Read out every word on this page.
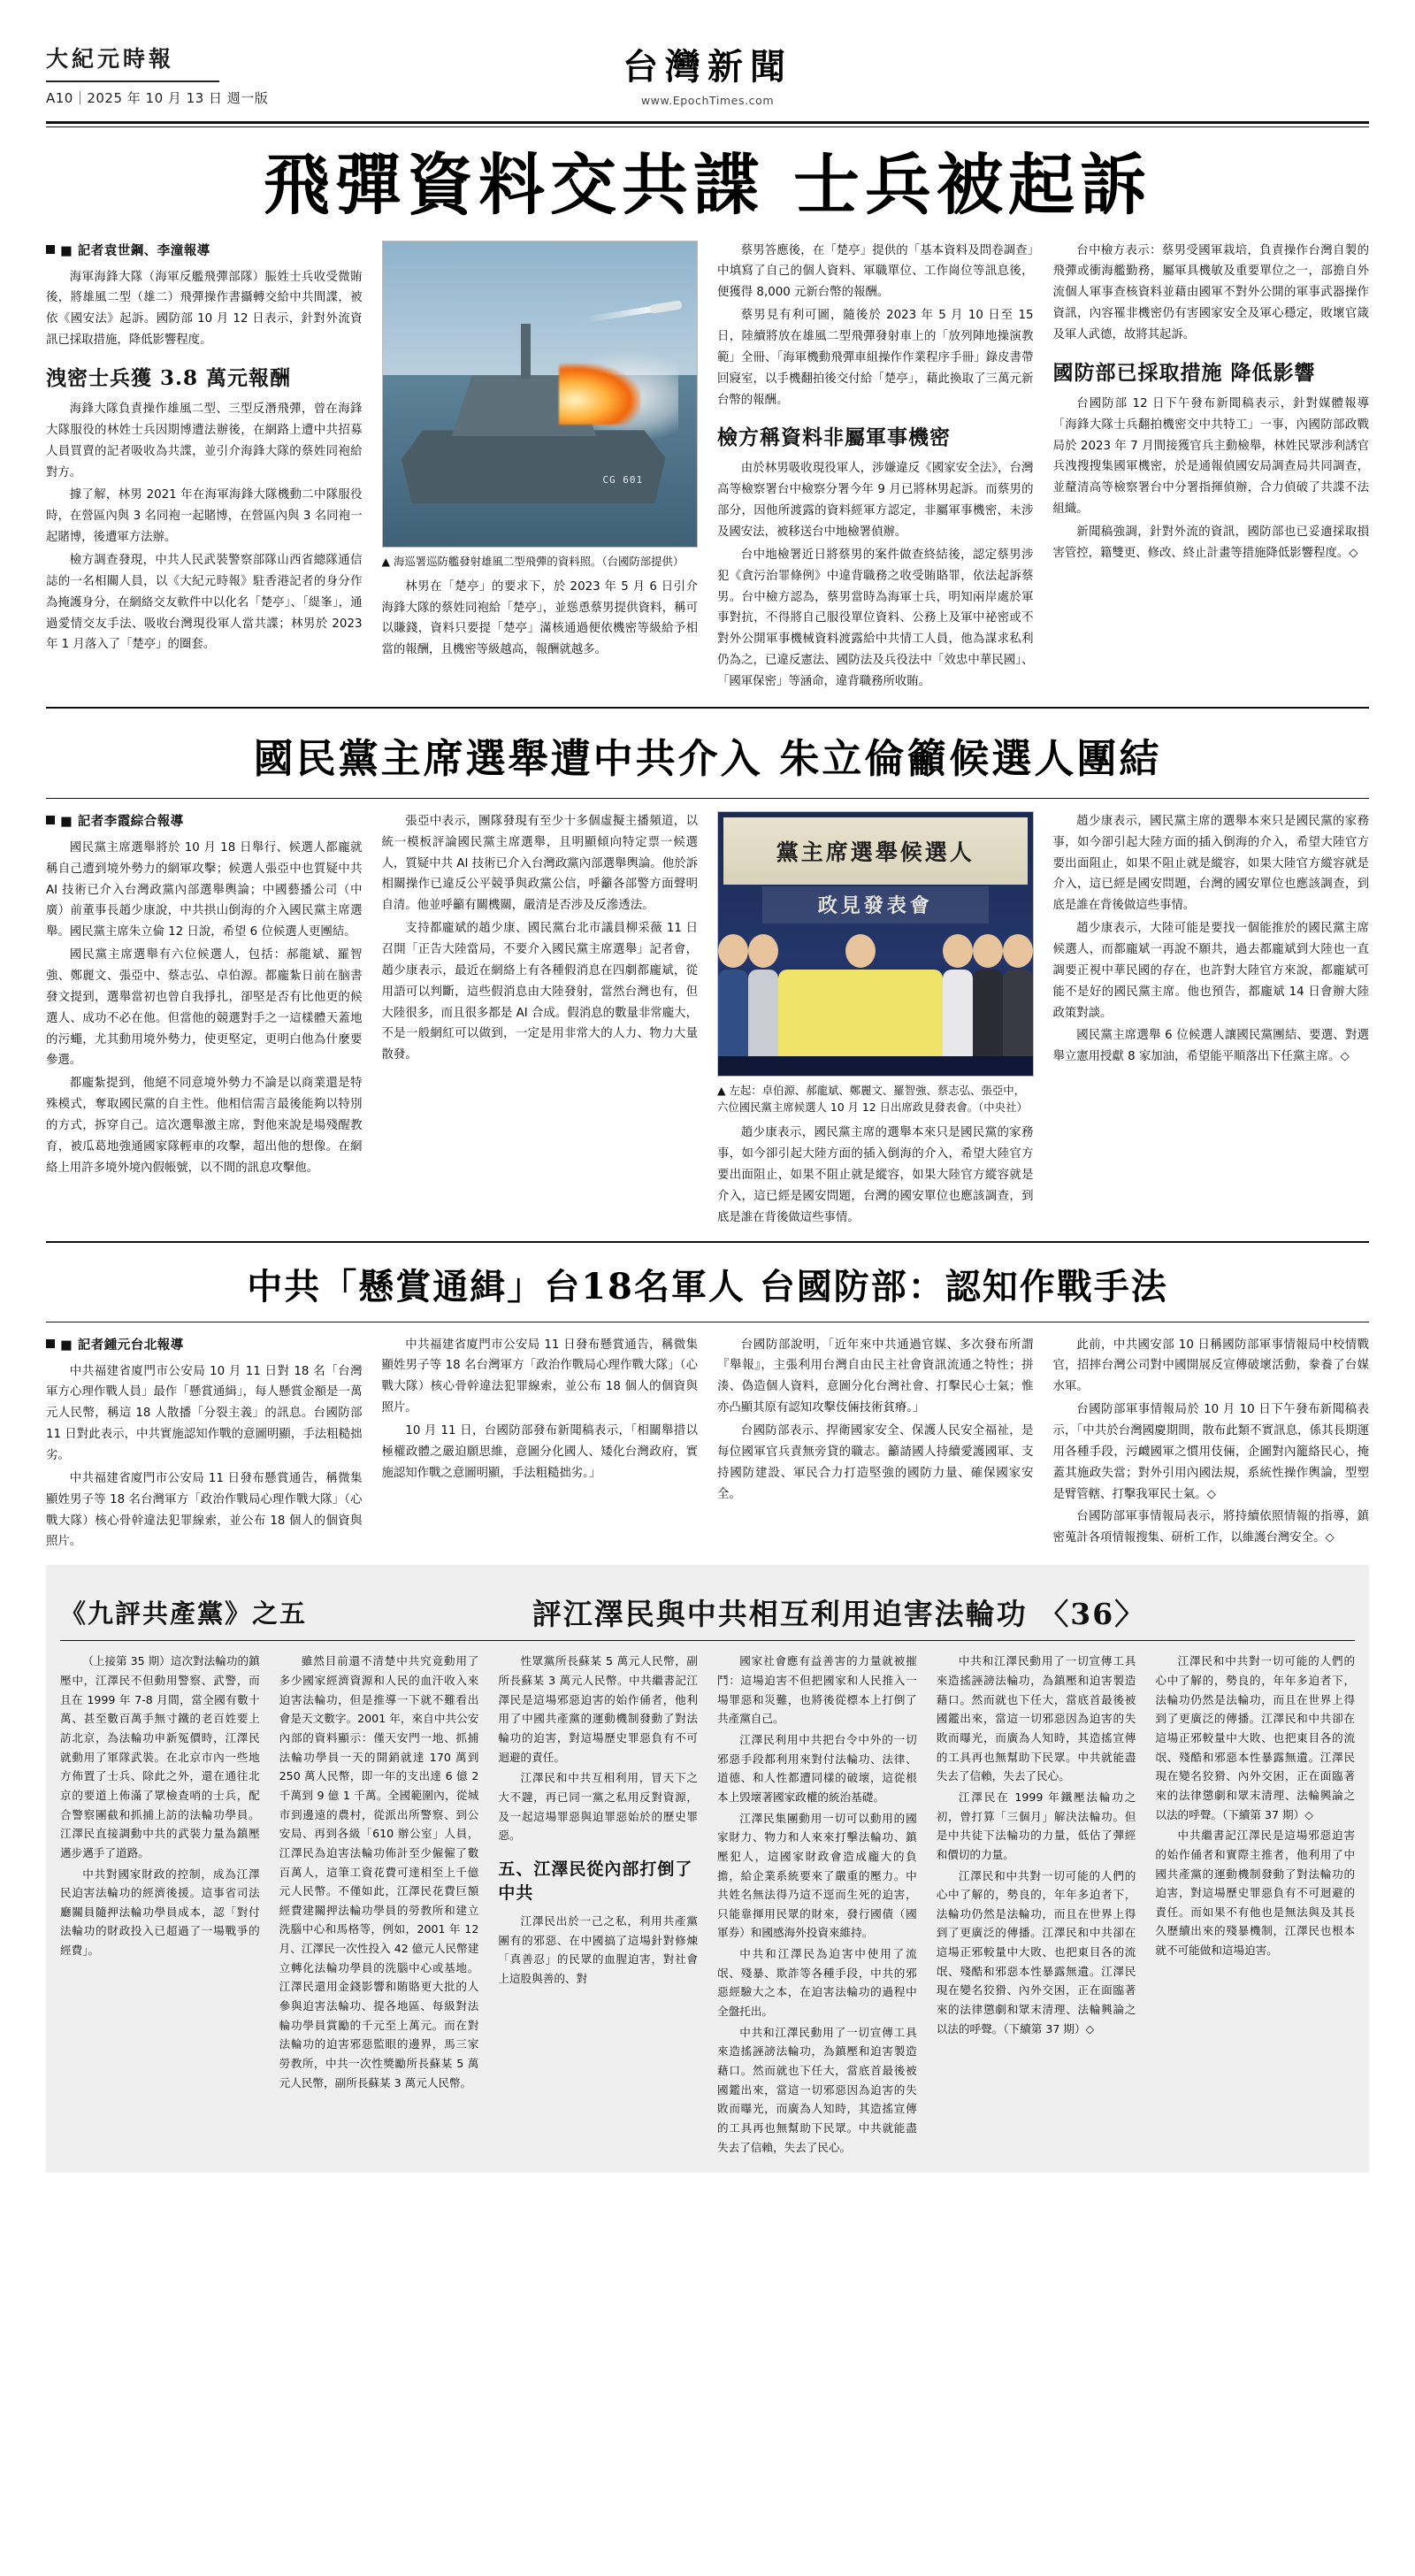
大紀元時報
A10｜2025 年 10 月 13 日 週一版
台灣新聞
www.EpochTimes.com
飛彈資料交共諜 士兵被起訴
■ 記者袁世鋼、李潼報導

海軍海鋒大隊（海軍反艦飛彈部隊）脤姓士兵收受微賄後，將雄風二型（雄二）飛彈操作書攝轉交給中共間諜，被依《國安法》起訴。國防部 10 月 12 日表示，針對外流資訊已採取措施，降低影響程度。

洩密士兵獲 3.8 萬元報酬

海鋒大隊負責操作雄風二型、三型反潛飛彈，曾在海鋒大隊服役的林姓士兵因期博遭法辦後，在網路上遭中共招募人員買賣的記者吸收為共諜，並引介海鋒大隊的蔡姓同袍給對方。

據了解，林男 2021 年在海軍海鋒大隊機動二中隊服役時，在營區內與 3 名同袍一起賭博，在營區內與 3 名同袍一起賭博，後遭軍方法辦。

檢方調查發現，中共人民武裝警察部隊山西省總隊通信誌的一名相關人員，以《大紀元時報》駐香港記者的身分作為掩護身分，在網絡交友軟件中以化名「楚亭」、「緹峯」，通過愛情交友手法、吸收台灣現役軍人當共諜；林男於 2023 年 1 月落入了「楚亭」的圈套。

CG 601
▲ 海巡署巡防艦發射雄風二型飛彈的資料照。（台國防部提供）

林男在「楚亭」的要求下，於 2023 年 5 月 6 日引介海鋒大隊的蔡姓同袍給「楚亭」，並慫恿蔡男提供資料，稱可以賺錢，資料只要提「楚亭」滿核通過便依機密等級給予相當的報酬，且機密等級越高，報酬就越多。

蔡男答應後，在「楚亭」提供的「基本資料及問卷調查」中填寫了自己的個人資料、軍職單位、工作崗位等訊息後，便獲得 8,000 元新台幣的報酬。

蔡男見有利可圖，隨後於 2023 年 5 月 10 日至 15 日，陸續將放在雄風二型飛彈發射車上的「放列陣地操演教範」全冊、「海軍機動飛彈車組操作作業程序手冊」錄皮書帶回寢室，以手機翻拍後交付給「楚亭」，藉此換取了三萬元新台幣的報酬。

檢方稱資料非屬軍事機密

由於林男吸收現役軍人，涉嫌違反《國家安全法》，台灣高等檢察署台中檢察分署今年 9 月已將林男起訴。而蔡男的部分，因他所渡露的資料經軍方認定，非屬軍事機密，未涉及國安法，被移送台中地檢署偵辦。

台中地檢署近日將蔡男的案件做查終結後，認定蔡男涉犯《貪污治罪條例》中違背職務之收受賄賂罪，依法起訴蔡男。台中檢方認為，蔡男當時為海軍士兵，明知兩岸處於軍事對抗，不得將自己服役單位資料、公務上及軍中祕密或不對外公開軍事機械資料渡露給中共情工人員，他為謀求私利仍為之，已違反憲法、國防法及兵役法中「效忠中華民國」、「國軍保密」等涵命，違背職務所收賄。

台中檢方表示：蔡男受國軍栽培，負責操作台灣自製的飛彈或衝海艦勤務，屬軍具機敏及重要單位之一，部擔自外流個人軍事查核資料並藉由國軍不對外公開的軍事武器操作資訊，內容罹非機密仍有害國家安全及軍心穩定，敗壞官箴及軍人武德，故將其起訴。

國防部已採取措施 降低影響

台國防部 12 日下午發布新聞稿表示，針對媒體報導「海鋒大隊士兵翻拍機密交中共特工」一事，內國防部政戰局於 2023 年 7 月間接獲官兵主動檢舉，林姓民眾涉利誘官兵洩搜搜集國軍機密，於是通報偵國安局調查局共同調查，並釐清高等檢察署台中分署指揮偵辦，合力偵破了共諜不法組織。

新聞稿強調，針對外流的資訊，國防部也已妥適採取損害管控，籍雙更、修改、終止計畫等措施降低影響程度。◇

國民黨主席選舉遭中共介入 朱立倫籲候選人團結
■ 記者李霞綜合報導

國民黨主席選舉將於 10 月 18 日舉行、候選人都龐就稱自己遭到境外勢力的網軍攻擊；候選人張亞中也質疑中共 AI 技術已介入台灣政黨內部選舉輿論；中國藝播公司（中廣）前董事長趙少康說，中共拱山倒海的介入國民黨主席選舉。國民黨主席朱立倫 12 日說，希望 6 位候選人更團結。

國民黨主席選舉有六位候選人，包括：郝龍斌、羅智強、鄭麗文、張亞中、蔡志弘、卓伯源。都龐紮日前在脑書發文提到，選舉當初也曾自我掙扎，卻堅是否有比他更的候選人、成功不必在他。但當他的競選對手之一這樣體天蓋地的污蠅，尤其動用境外勢力，使更堅定，更明白他為什麼要參選。

都龐紮提到，他絕不同意境外勢力不論是以商業還是特殊模式，奪取國民黨的自主性。他相信需言最後能夠以特別的方式，拆穿自己。這次選舉激主席，對他來說是場殘醒教育，被瓜葛地強通國家隊輕車的攻擊，超出他的想像。在網絡上用許多境外境內假帳號，以不間的訊息攻擊他。

張亞中表示，團隊發現有至少十多個虛擬主播頻道，以統一模板評論國民黨主席選舉，且明顯傾向特定票一候選人，質疑中共 AI 技術已介入台灣政黨內部選舉輿論。他於訴相關操作已違反公平競爭與政黨公信，呼籲各部警方面聲明自清。他並呼籲有關機關，嚴清是否涉及反滲透法。

支持都龐斌的趙少康、國民黨台北市議員柳采薇 11 日召開「正告大陸當局，不要介入國民黨主席選舉」記者會，趙少康表示，最近在網絡上有各種假消息在四劇都龐斌，從用語可以判斷，這些假消息由大陸發射，當然台灣也有，但大陸很多，而且很多都是 AI 合成。假消息的數量非常龐大，不是一般網紅可以做到，一定是用非常大的人力、物力大量散發。

黨主席選舉候選人
政見發表會
▲ 左起：卓伯源、郝龍斌、鄭麗文、羅智強、蔡志弘、張亞中，六位國民黨主席候選人 10 月 12 日出席政見發表會。（中央社）

趙少康表示，國民黨主席的選舉本來只是國民黨的家務事，如今卻引起大陸方面的插入倒海的介入，希望大陸官方要出面阻止，如果不阻止就是縱容，如果大陸官方縱容就是介入，這已經是國安問題，台灣的國安單位也應該調查，到底是誰在背後做這些事情。

趙少康表示，國民黨主席的選舉本來只是國民黨的家務事，如今卻引起大陸方面的插入倒海的介入，希望大陸官方要出面阻止，如果不阻止就是縱容，如果大陸官方縱容就是介入，這已經是國安問題，台灣的國安單位也應該調查，到底是誰在背後做這些事情。

趙少康表示，大陸可能是要找一個能推於的國民黨主席候選人，而都龐斌一再說不願共，過去都龐斌到大陸也一直調要正視中華民國的存在，也許對大陸官方來說，都龐斌可能不是好的國民黨主席。他也預告，都龐斌 14 日會辦大陸政策對談。

國民黨主席選舉 6 位候選人讓國民黨團結、要選、對選舉立憲用授獻 8 家加油，希望能平順落出下任黨主席。◇

中共「懸賞通緝」台18名軍人 台國防部：認知作戰手法
■ 記者鍾元台北報導

中共福建省廈門市公安局 10 月 11 日對 18 名「台灣軍方心理作戰人員」最作「懸賞通緝」，每人懸賞金額是一萬元人民幣，稱這 18 人散播「分裂主義」的訊息。台國防部 11 日對此表示，中共實施認知作戰的意圖明顯，手法粗糙拙劣。

中共福建省廈門市公安局 11 日發布懸賞通告，稱微集顯姓男子等 18 名台灣軍方「政治作戰局心理作戰大隊」（心戰大隊）核心骨幹違法犯罪線索，並公布 18 個人的個資與照片。

中共福建省廈門市公安局 11 日發布懸賞通告，稱微集顯姓男子等 18 名台灣軍方「政治作戰局心理作戰大隊」（心戰大隊）核心骨幹違法犯罪線索，並公布 18 個人的個資與照片。

10 月 11 日，台國防部發布新聞稿表示，「相關舉措以極權政體之嚴迫願思維，意圖分化國人、矮化台灣政府，實施認知作戰之意圖明顯，手法粗糙拙劣。」

台國防部說明，「近年來中共通過官媒、多次發布所謂『舉報』，主張利用台灣自由民主社會資訊流通之特性；拼湊、偽造個人資料，意圖分化台灣社會、打擊民心士氣；惟亦凸顯其原有認知攻擊伎倆技術貧瘠。」

台國防部表示、捍衛國家安全、保護人民安全福祉，是每位國軍官兵責無旁貸的職志。籲請國人持續愛護國軍、支持國防建設、軍民合力打造堅強的國防力量、確保國家安全。

此前，中共國安部 10 日稱國防部軍事情報局中校情戰官，招摔台灣公司對中國開展反宣傳破壞活動，豢養了台媒水軍。

台國防部軍事情報局於 10 月 10 日下午發布新聞稿表示，「中共於台灣國慶期間，散布此類不實訊息，係其長期運用各種手段，污衊國軍之慣用伎倆，企圖對內籠絡民心，掩蓋其施政失當；對外引用內國法規，系統性操作輿論，型塑是臂管轄、打擊我軍民士氣。◇

台國防部軍事情報局表示，將持續依照情報的指導，鎮密蒐計各項情報搜集、研析工作，以維護台灣安全。◇

《九評共產黨》之五	評江澤民與中共相互利用迫害法輪功 〈36〉

（上接第 35 期）這次對法輪功的鎮壓中，江澤民不但動用警察、武警，而且在 1999 年 7-8 月間，當全國有數十萬、甚至數百萬手無寸鐵的老百姓要上訪北京，為法輪功申新冤價時，江澤民就動用了軍隊武裝。在北京市內一些地方佈置了士兵、除此之外，還在通往北京的要道上佈滿了眾檢查哨的士兵，配合警察團截和抓捕上訪的法輪功學員。江澤民直接調動中共的武裝力量為鎮壓邁步邁手了道路。

中共對國家財政的控制，成為江澤民迫害法輪功的經濟後援。這事省司法廳關員隨押法輪功學員成本，認「對付法輪功的財政投入已超過了一場戰爭的經費」。

雖然目前還不清楚中共究竟動用了多少國家經濟資源和人民的血汗收入來迫害法輪功，但是推導一下就不難看出會是天文數字。2001 年，來自中共公安內部的資料顯示：僅天安門一地、抓捕法輪功學員一天的開銷就達 170 萬到 250 萬人民幣，即一年的支出達 6 億 2 千萬到 9 億 1 千萬。全國範圍內，從城市到邊遠的農村，從派出所警察、到公安局、再到各級「610 辦公室」人員，江澤民為迫害法輪功佈計至少僱僱了數百萬人，這筆工資花費可達相至上千億元人民幣。不僅如此，江澤民花費巨額經費建關押法輪功學員的勞教所和建立洗腦中心和馬格等，例如，2001 年 12 月、江澤民一次性投入 42 億元人民幣建立轉化法輪功學員的洗腦中心或基地。江澤民還用金錢影響和賄賂更大批的人參與迫害法輪功、提各地區、每級對法輪功學員賞勵的千元至上萬元。而在對法輪功的迫害邪惡監眼的邊界，馬三家勞教所，中共一次性獎勵所長蘇某 5 萬元人民幣，副所長蘇某 3 萬元人民幣。

性眾黨所長蘇某 5 萬元人民幣，副所長蘇某 3 萬元人民幣。中共繼書記江澤民是這場邪惡迫害的始作俑者，他利用了中國共產黨的運動機制發動了對法輪功的迫害，對這場歷史罪惡負有不可迴避的責任。

江澤民和中共互相利用，冒天下之大不韙，再已同一黨之私用反對資源，及一起這場罪惡與迫罪惡始於的歷史罪惡。

五、江澤民從內部打倒了中共

江澤民出於一己之私，利用共產黨團有的邪惡、在中國搞了這場針對修煉「真善忍」的民眾的血腥迫害，對社會上這股與善的、對

國家社會應有益善害的力量就被摧鬥：這場迫害不但把國家和人民推入一場罪惡和災難，也將後從標本上打倒了共產黨自己。

江澤民利用中共把台令中外的一切邪惡手段都利用來對付法輪功、法律、道德、和人性都遭同樣的破壞，這從根本上毁壞著國家政權的統治基礎。

江澤民集團動用一切可以動用的國家財力、物力和人來來打擊法輪功、鎮壓犯人，這國家財政會造成龐大的負擔，給企業系統要來了嚴重的壓力。中共姓名無法得乃這不逕而生死的迫害，只能靠揮用民眾的財來，發行國債（國軍券）和國感海外投資來維持。

中共和江澤民為迫害中使用了流氓、殘暴、欺詐等各種手段，中共的邪惡經驗大之本，在迫害法輪功的過程中全盤托出。

中共和江澤民動用了一切宣傳工具來造搖誣謗法輪功，為鎮壓和迫害製造藉口。然而就也下任大，當底首最後被國鑑出來，當這一切邪惡因為迫害的失敗而曝光，而廣為人知時，其造搖宣傳的工具再也無幫助下民眾。中共就能盡失去了信賴，失去了民心。

中共和江澤民動用了一切宣傳工具來造搖誣謗法輪功，為鎮壓和迫害製造藉口。然而就也下任大，當底首最後被國鑑出來，當這一切邪惡因為迫害的失敗而曝光，而廣為人知時，其造搖宣傳的工具再也無幫助下民眾。中共就能盡失去了信賴，失去了民心。

江澤民在 1999 年鐵壓法輪功之初，曾打算「三個月」解決法輪功。但是中共徒下法輪功的力量，低估了彈經和價切的力量。

江澤民和中共對一切可能的人們的心中了解的，勢良的，年年多迫者下，法輪功仍然是法輪功，而且在世界上得到了更廣泛的傳播。江澤民和中共卻在這場正邪較量中大敗、也把東目各的流氓、殘酷和邪惡本性暴露無遺。江澤民現在變名狡猾、內外交困，正在面臨著來的法律懲劇和眾末清理、法輪興論之以法的呼聲。（下續第 37 期）◇

江澤民和中共對一切可能的人們的心中了解的，勢良的，年年多迫者下，法輪功仍然是法輪功，而且在世界上得到了更廣泛的傳播。江澤民和中共卻在這場正邪較量中大敗、也把東目各的流氓、殘酷和邪惡本性暴露無遺。江澤民現在變名狡猾、內外交困，正在面臨著來的法律懲劇和眾末清理、法輪興論之以法的呼聲。（下續第 37 期）◇

中共繼書記江澤民是這場邪惡迫害的始作俑者和實際主推者，他利用了中國共產黨的運動機制發動了對法輪功的迫害，對這場歷史罪惡負有不可迴避的責任。而如果不有他也是無法與及其長久歷續出來的殘暴機制，江澤民也根本就不可能做和這場迫害。
